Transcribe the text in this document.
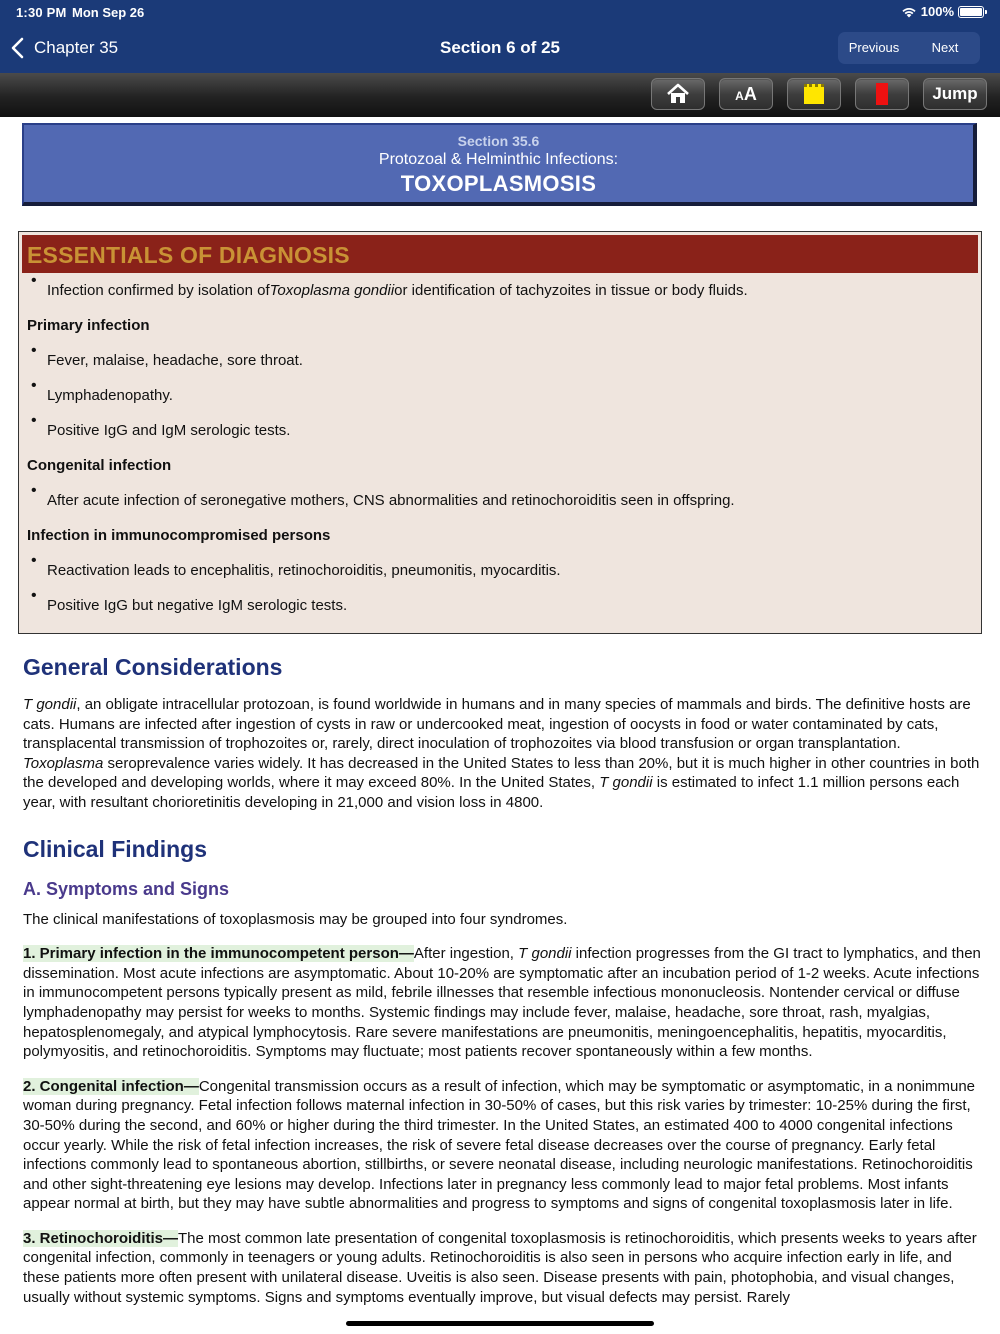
1:30 PM Mon Sep 26	100%
Chapter 35	Section 6 of 25	Previous	Next
AA	Jump
Section 35.6
Protozoal & Helminthic Infections:
TOXOPLASMOSIS
ESSENTIALS OF DIAGNOSIS
• Infection confirmed by isolation of Toxoplasma gondii or identification of tachyzoites in tissue or body fluids.
Primary infection
• Fever, malaise, headache, sore throat.
• Lymphadenopathy.
• Positive IgG and IgM serologic tests.
Congenital infection
• After acute infection of seronegative mothers, CNS abnormalities and retinochoroiditis seen in offspring.
Infection in immunocompromised persons
• Reactivation leads to encephalitis, retinochoroiditis, pneumonitis, myocarditis.
• Positive IgG but negative IgM serologic tests.
General Considerations

T gondii, an obligate intracellular protozoan, is found worldwide in humans and in many species of mammals and birds. The definitive hosts are cats. Humans are infected after ingestion of cysts in raw or undercooked meat, ingestion of oocysts in food or water contaminated by cats, transplacental transmission of trophozoites or, rarely, direct inoculation of trophozoites via blood transfusion or organ transplantation. Toxoplasma seroprevalence varies widely. It has decreased in the United States to less than 20%, but it is much higher in other countries in both the developed and developing worlds, where it may exceed 80%. In the United States, T gondii is estimated to infect 1.1 million persons each year, with resultant chorioretinitis developing in 21,000 and vision loss in 4800.

Clinical Findings
A. Symptoms and Signs

The clinical manifestations of toxoplasmosis may be grouped into four syndromes.

1. Primary infection in the immunocompetent person—After ingestion, T gondii infection progresses from the GI tract to lymphatics, and then dissemination. Most acute infections are asymptomatic. About 10-20% are symptomatic after an incubation period of 1-2 weeks. Acute infections in immunocompetent persons typically present as mild, febrile illnesses that resemble infectious mononucleosis. Nontender cervical or diffuse lymphadenopathy may persist for weeks to months. Systemic findings may include fever, malaise, headache, sore throat, rash, myalgias, hepatosplenomegaly, and atypical lymphocytosis. Rare severe manifestations are pneumonitis, meningoencephalitis, hepatitis, myocarditis, polymyositis, and retinochoroiditis. Symptoms may fluctuate; most patients recover spontaneously within a few months.

2. Congenital infection—Congenital transmission occurs as a result of infection, which may be symptomatic or asymptomatic, in a nonimmune woman during pregnancy. Fetal infection follows maternal infection in 30-50% of cases, but this risk varies by trimester: 10-25% during the first, 30-50% during the second, and 60% or higher during the third trimester. In the United States, an estimated 400 to 4000 congenital infections occur yearly. While the risk of fetal infection increases, the risk of severe fetal disease decreases over the course of pregnancy. Early fetal infections commonly lead to spontaneous abortion, stillbirths, or severe neonatal disease, including neurologic manifestations. Retinochoroiditis and other sight-threatening eye lesions may develop. Infections later in pregnancy less commonly lead to major fetal problems. Most infants appear normal at birth, but they may have subtle abnormalities and progress to symptoms and signs of congenital toxoplasmosis later in life.

3. Retinochoroiditis—The most common late presentation of congenital toxoplasmosis is retinochoroiditis, which presents weeks to years after congenital infection, commonly in teenagers or young adults. Retinochoroiditis is also seen in persons who acquire infection early in life, and these patients more often present with unilateral disease. Uveitis is also seen. Disease presents with pain, photophobia, and visual changes, usually without systemic symptoms. Signs and symptoms eventually improve, but visual defects may persist. Rarely
